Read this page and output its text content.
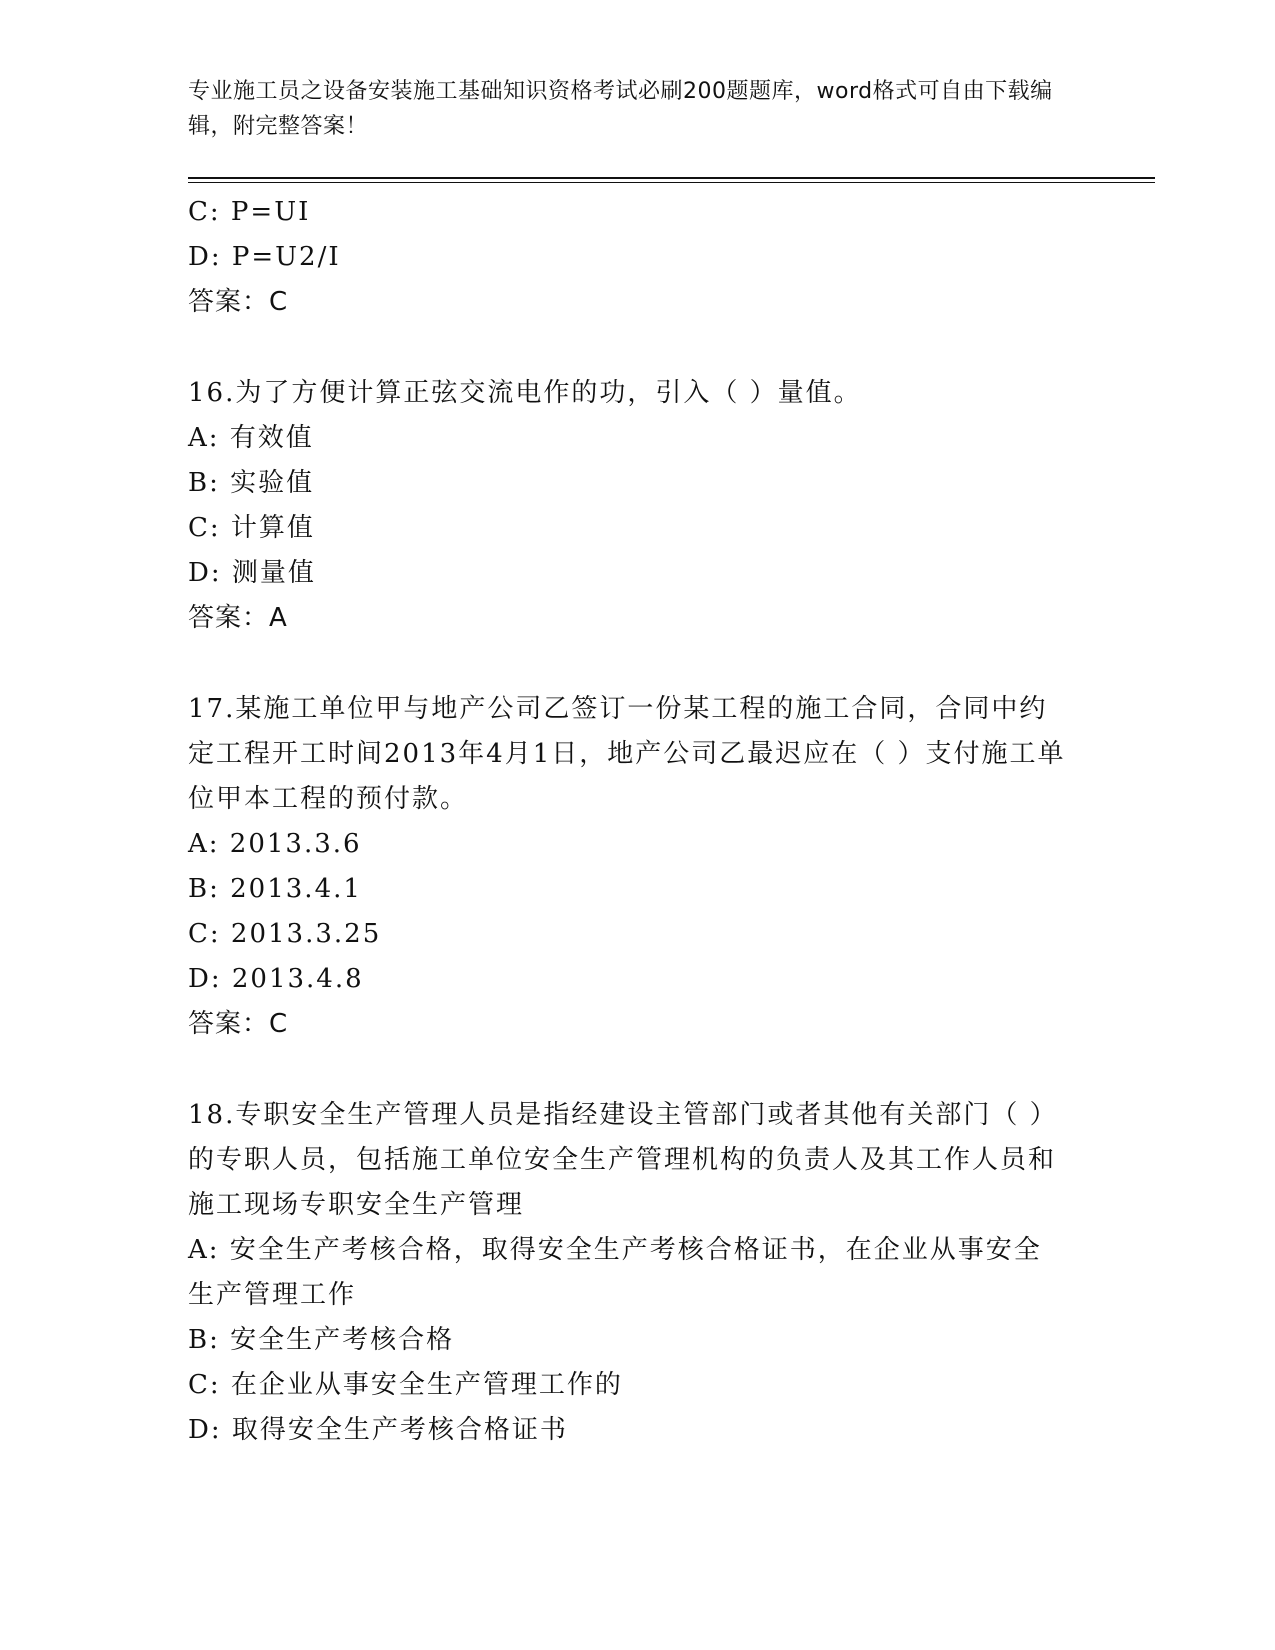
专业施工员之设备安装施工基础知识资格考试必刷200题题库，word格式可自由下载编辑，附完整答案！
C: P=UI
D: P=U2/I
答案：C
16.为了方便计算正弦交流电作的功，引入（ ）量值。
A: 有效值
B: 实验值
C: 计算值
D: 测量值
答案：A
17.某施工单位甲与地产公司乙签订一份某工程的施工合同，合同中约定工程开工时间2013年4月1日，地产公司乙最迟应在（ ）支付施工单位甲本工程的预付款。
A: 2013.3.6
B: 2013.4.1
C: 2013.3.25
D: 2013.4.8
答案：C
18.专职安全生产管理人员是指经建设主管部门或者其他有关部门（ ）的专职人员，包括施工单位安全生产管理机构的负责人及其工作人员和施工现场专职安全生产管理
A: 安全生产考核合格，取得安全生产考核合格证书，在企业从事安全生产管理工作
B: 安全生产考核合格
C: 在企业从事安全生产管理工作的
D: 取得安全生产考核合格证书
